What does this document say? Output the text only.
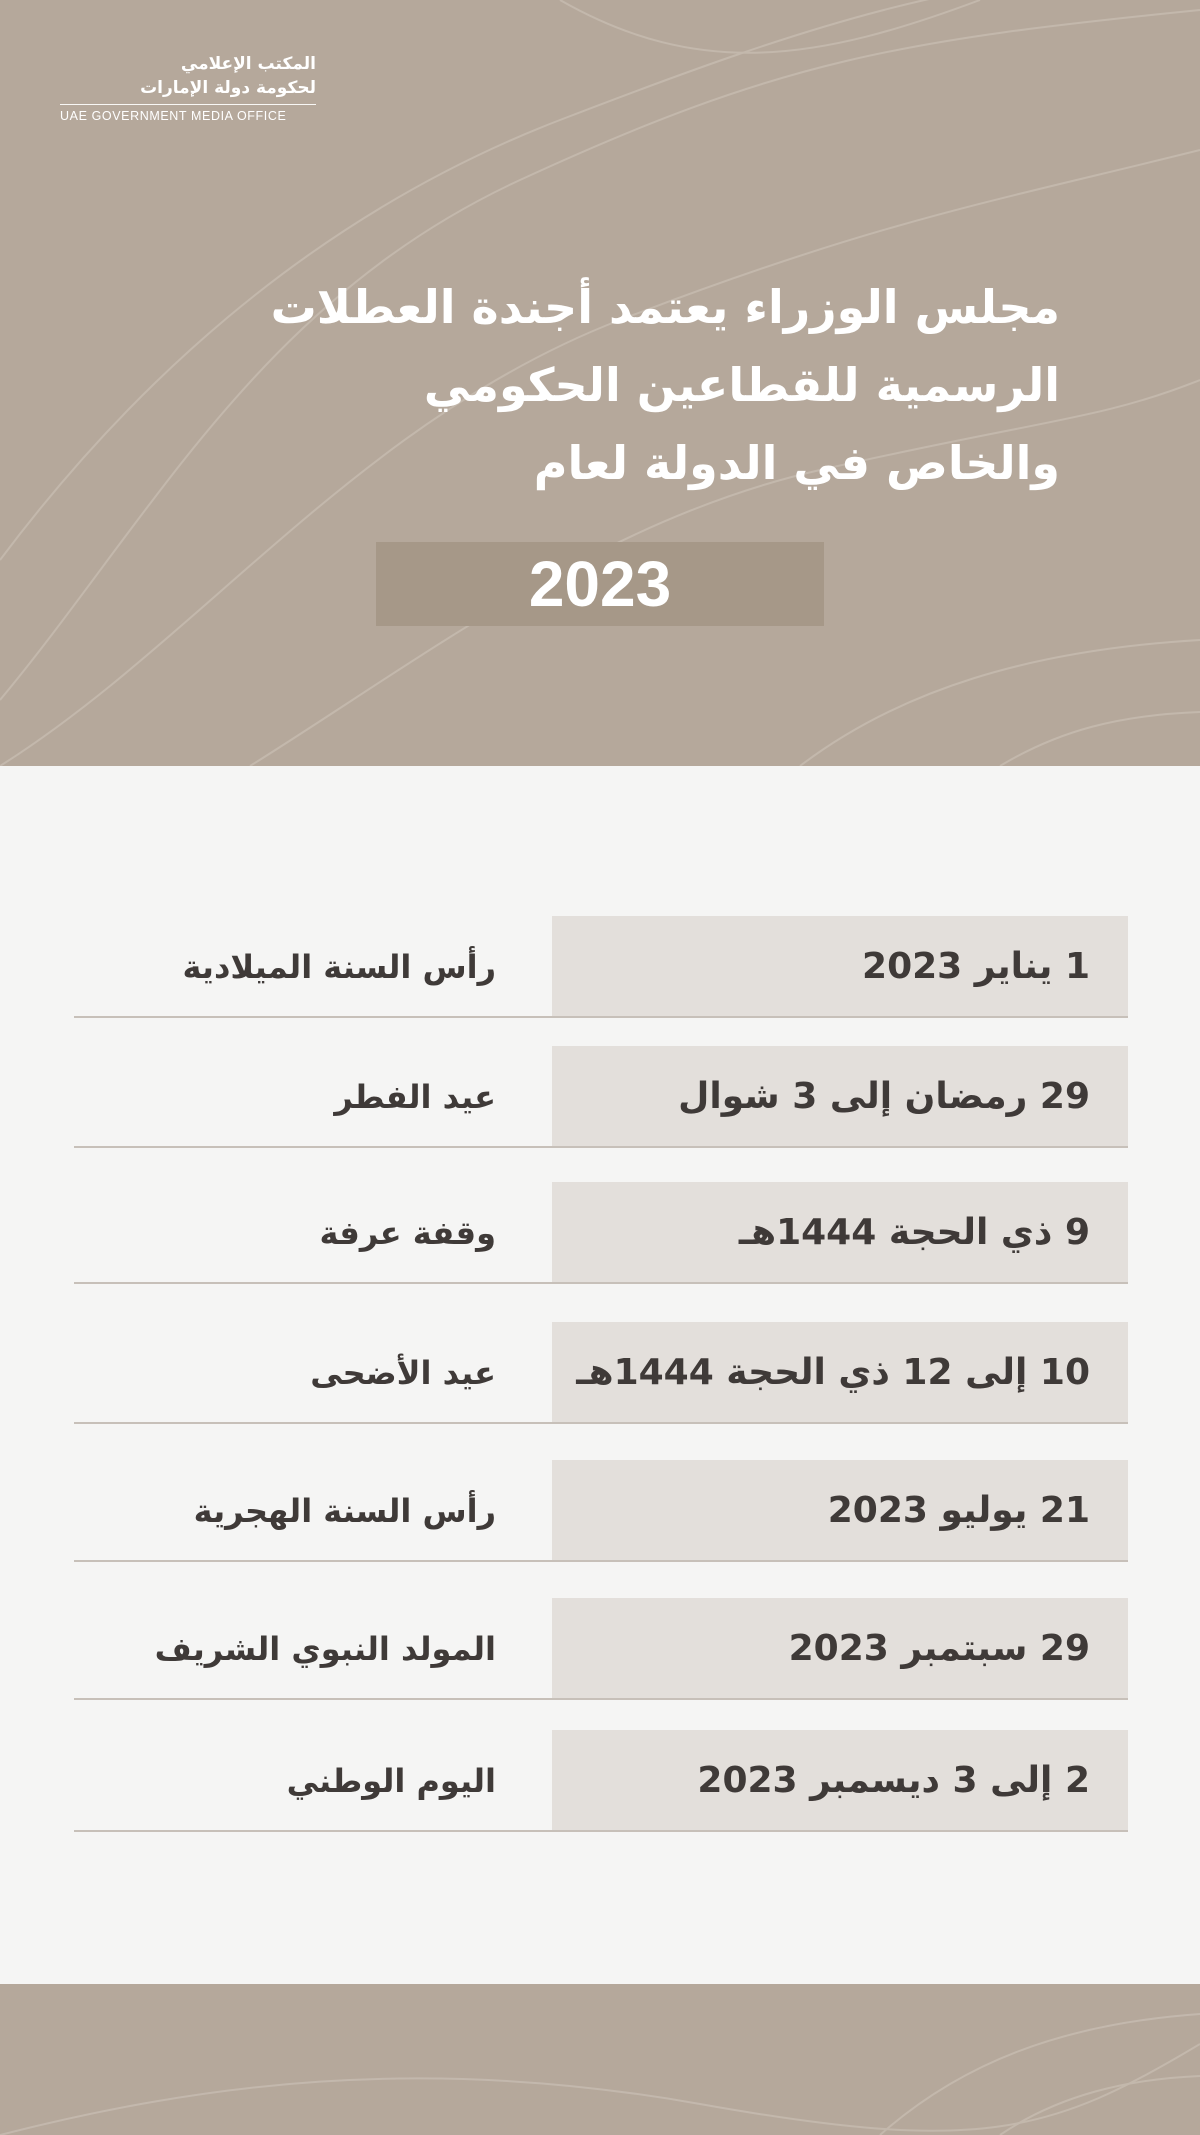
المكتب الإعلامي
لحكومة دولة الإمارات
UAE GOVERNMENT MEDIA OFFICE
مجلس الوزراء يعتمد أجندة العطلات
الرسمية للقطاعين الحكومي
والخاص في الدولة لعام
2023
1 يناير 2023
رأس السنة الميلادية
29 رمضان إلى 3 شوال
عيد الفطر
9 ذي الحجة 1444هـ
وقفة عرفة
10 إلى 12 ذي الحجة 1444هـ
عيد الأضحى
21 يوليو 2023
رأس السنة الهجرية
29 سبتمبر 2023
المولد النبوي الشريف
2 إلى 3 ديسمبر 2023
اليوم الوطني
